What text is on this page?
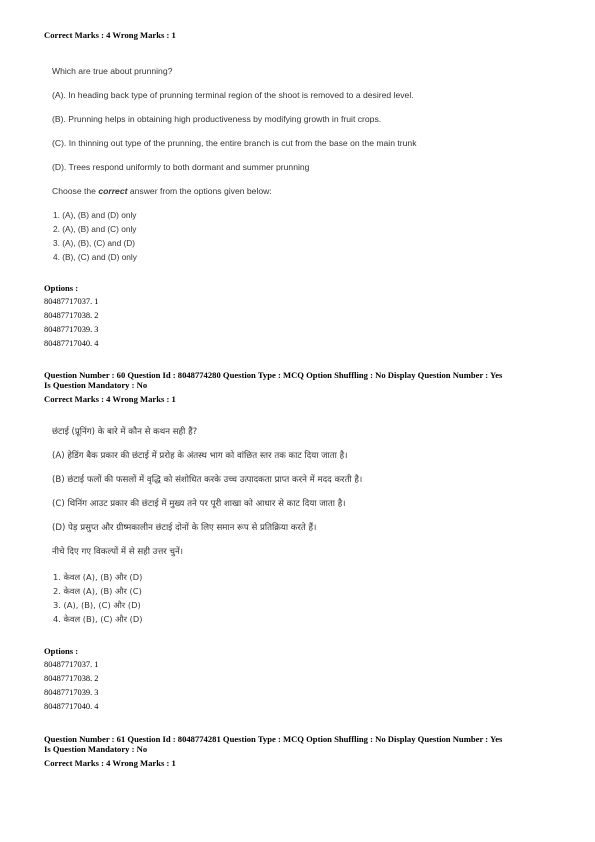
Correct Marks : 4 Wrong Marks : 1
Which are true about prunning?
(A). In heading back type of prunning terminal region of the shoot is removed to a desired level.
(B). Prunning helps in obtaining high productiveness by modifying growth in fruit crops.
(C). In thinning out type of the prunning, the entire branch is cut from the base on the main trunk
(D). Trees respond uniformly to both dormant and summer prunning
Choose the correct answer from the options given below:
1. (A), (B) and (D) only
2. (A), (B) and (C) only
3. (A), (B), (C) and (D)
4. (B), (C) and (D) only
Options :
80487717037. 1
80487717038. 2
80487717039. 3
80487717040. 4
Question Number : 60 Question Id : 8048774280 Question Type : MCQ Option Shuffling : No Display Question Number : Yes
Is Question Mandatory : No
Correct Marks : 4 Wrong Marks : 1
छंटाई (प्रूनिंग) के बारे में कौन से कथन सही हैं?
(A) हेडिंग बैक प्रकार की छंटाई में प्ररोह के अंतस्थ भाग को वांछित स्तर तक काट दिया जाता है।
(B) छंटाई फलों की फसलों में वृद्धि को संशोधित करके उच्च उत्पादकता प्राप्त करने में मदद करती है।
(C) थिनिंग आउट प्रकार की छंटाई में मुख्य तने पर पूरी शाखा को आधार से काट दिया जाता है।
(D) पेड़ प्रसुप्त और ग्रीष्मकालीन छंटाई दोनों के लिए समान रूप से प्रतिक्रिया करते हैं।
नीचे दिए गए विकल्पों में से सही उत्तर चुनें।
1. केवल (A), (B) और (D)
2. केवल (A), (B) और (C)
3. (A), (B), (C) और (D)
4. केवल (B), (C) और (D)
Options :
80487717037. 1
80487717038. 2
80487717039. 3
80487717040. 4
Question Number : 61 Question Id : 8048774281 Question Type : MCQ Option Shuffling : No Display Question Number : Yes
Is Question Mandatory : No
Correct Marks : 4 Wrong Marks : 1
